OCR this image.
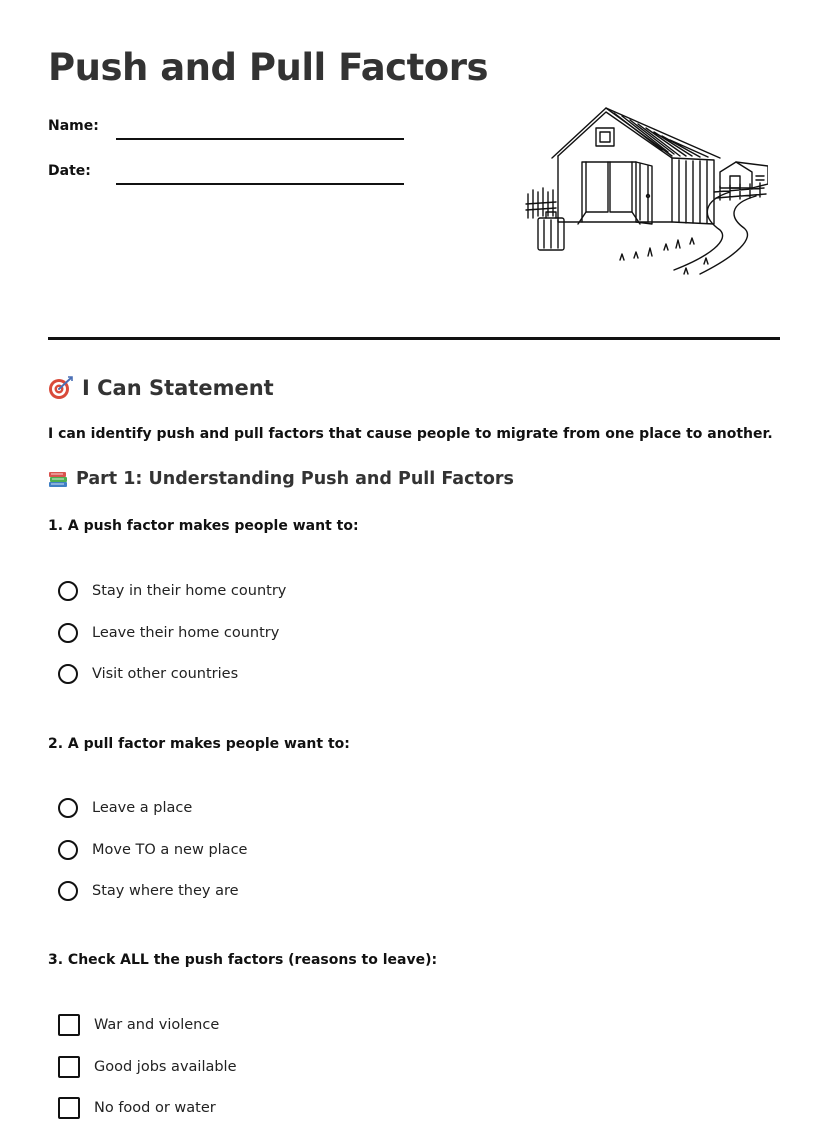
Push and Pull Factors
Name:
Date:
I Can Statement
I can identify push and pull factors that cause people to migrate from one place to another.
Part 1: Understanding Push and Pull Factors
1. A push factor makes people want to:
Stay in their home country
Leave their home country
Visit other countries
2. A pull factor makes people want to:
Leave a place
Move TO a new place
Stay where they are
3. Check ALL the push factors (reasons to leave):
War and violence
Good jobs available
No food or water
